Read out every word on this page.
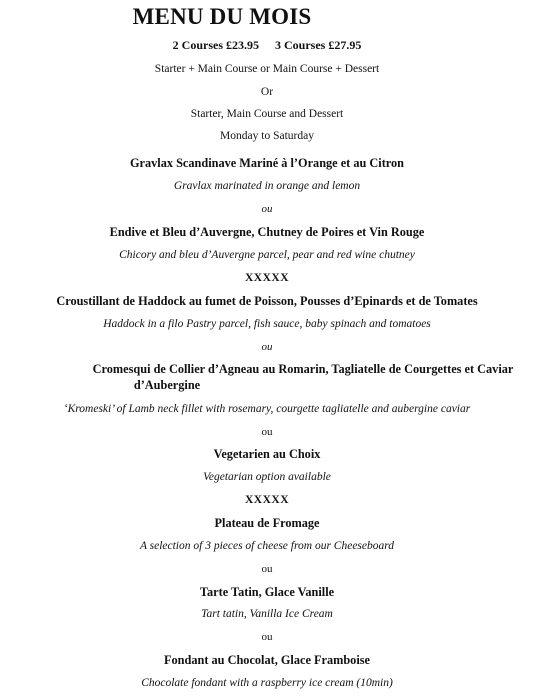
MENU DU MOIS
2 Courses £23.95 3 Courses £27.95
Starter + Main Course or Main Course + Dessert
Or
Starter, Main Course and Dessert
Monday to Saturday
Gravlax Scandinave Mariné à l’Orange et au Citron
Gravlax marinated in orange and lemon
ou
Endive et Bleu d’Auvergne, Chutney de Poires et Vin Rouge
Chicory and bleu d’Auvergne parcel, pear and red wine chutney
XXXXX
Croustillant de Haddock au fumet de Poisson, Pousses d’Epinards et de Tomates
Haddock in a filo Pastry parcel, fish sauce, baby spinach and tomatoes
ou
Cromesqui de Collier d’Agneau au Romarin, Tagliatelle de Courgettes et Caviar
d’Aubergine
‘Kromeski’ of Lamb neck fillet with rosemary, courgette tagliatelle and aubergine caviar
ou
Vegetarien au Choix
Vegetarian option available
XXXXX
Plateau de Fromage
A selection of 3 pieces of cheese from our Cheeseboard
ou
Tarte Tatin, Glace Vanille
Tart tatin, Vanilla Ice Cream
ou
Fondant au Chocolat, Glace Framboise
Chocolate fondant with a raspberry ice cream (10min)
